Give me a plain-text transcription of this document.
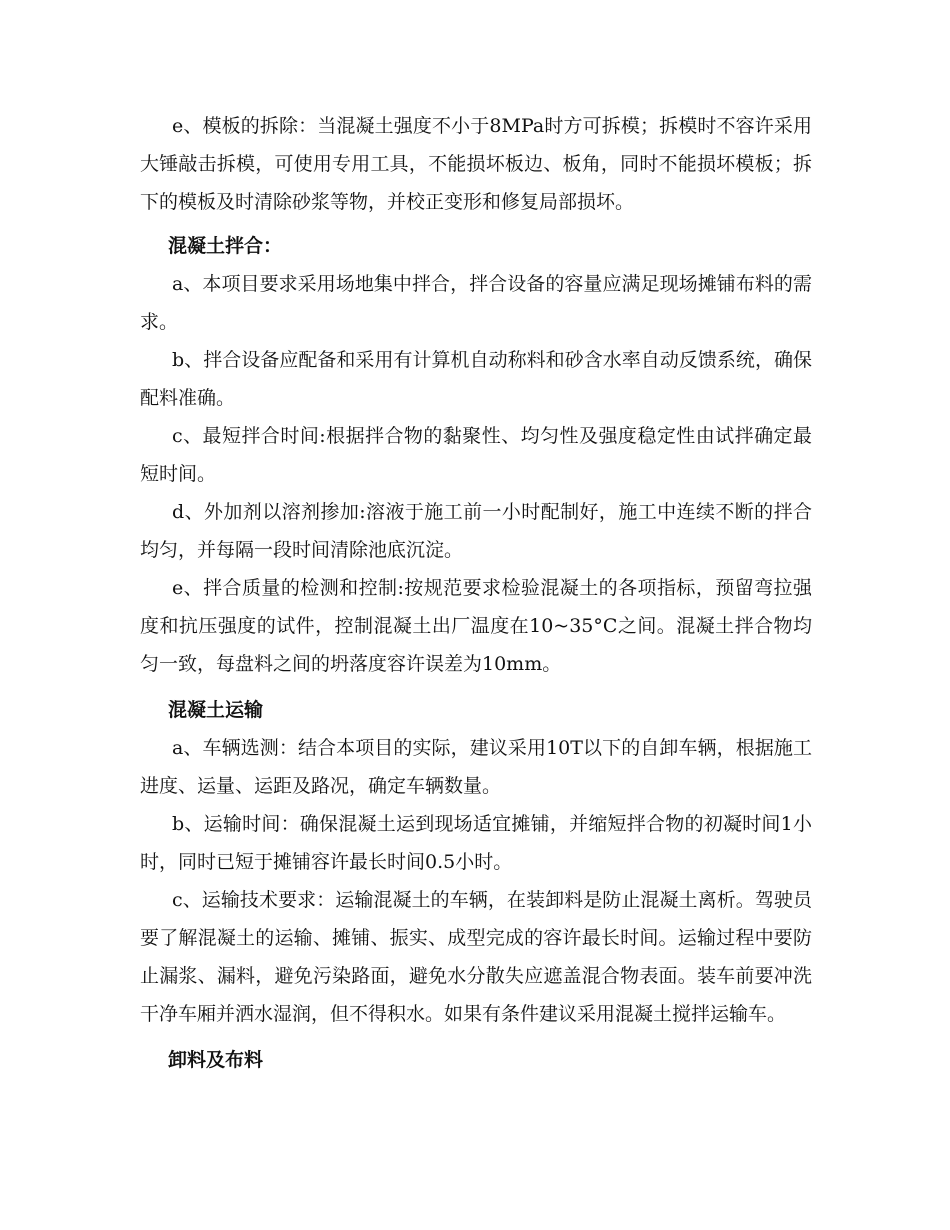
e、模板的拆除：当混凝土强度不小于8MPa时方可拆模；拆模时不容许采用大锤敲击拆模，可使用专用工具，不能损坏板边、板角，同时不能损坏模板；拆下的模板及时清除砂浆等物，并校正变形和修复局部损坏。

混凝土拌合：

a、本项目要求采用场地集中拌合，拌合设备的容量应满足现场摊铺布料的需求。

b、拌合设备应配备和采用有计算机自动称料和砂含水率自动反馈系统，确保配料准确。

c、最短拌合时间:根据拌合物的黏聚性、均匀性及强度稳定性由试拌确定最短时间。

d、外加剂以溶剂掺加:溶液于施工前一小时配制好，施工中连续不断的拌合均匀，并每隔一段时间清除池底沉淀。

e、拌合质量的检测和控制:按规范要求检验混凝土的各项指标，预留弯拉强度和抗压强度的试件，控制混凝土出厂温度在10~35°C之间。混凝土拌合物均匀一致，每盘料之间的坍落度容许误差为10mm。

混凝土运输

a、车辆选测：结合本项目的实际，建议采用10T以下的自卸车辆，根据施工进度、运量、运距及路况，确定车辆数量。

b、运输时间：确保混凝土运到现场适宜摊铺，并缩短拌合物的初凝时间1小时，同时已短于摊铺容许最长时间0.5小时。

c、运输技术要求：运输混凝土的车辆，在装卸料是防止混凝土离析。驾驶员要了解混凝土的运输、摊铺、振实、成型完成的容许最长时间。运输过程中要防止漏浆、漏料，避免污染路面，避免水分散失应遮盖混合物表面。装车前要冲洗干净车厢并洒水湿润，但不得积水。如果有条件建议采用混凝土搅拌运输车。

卸料及布料
